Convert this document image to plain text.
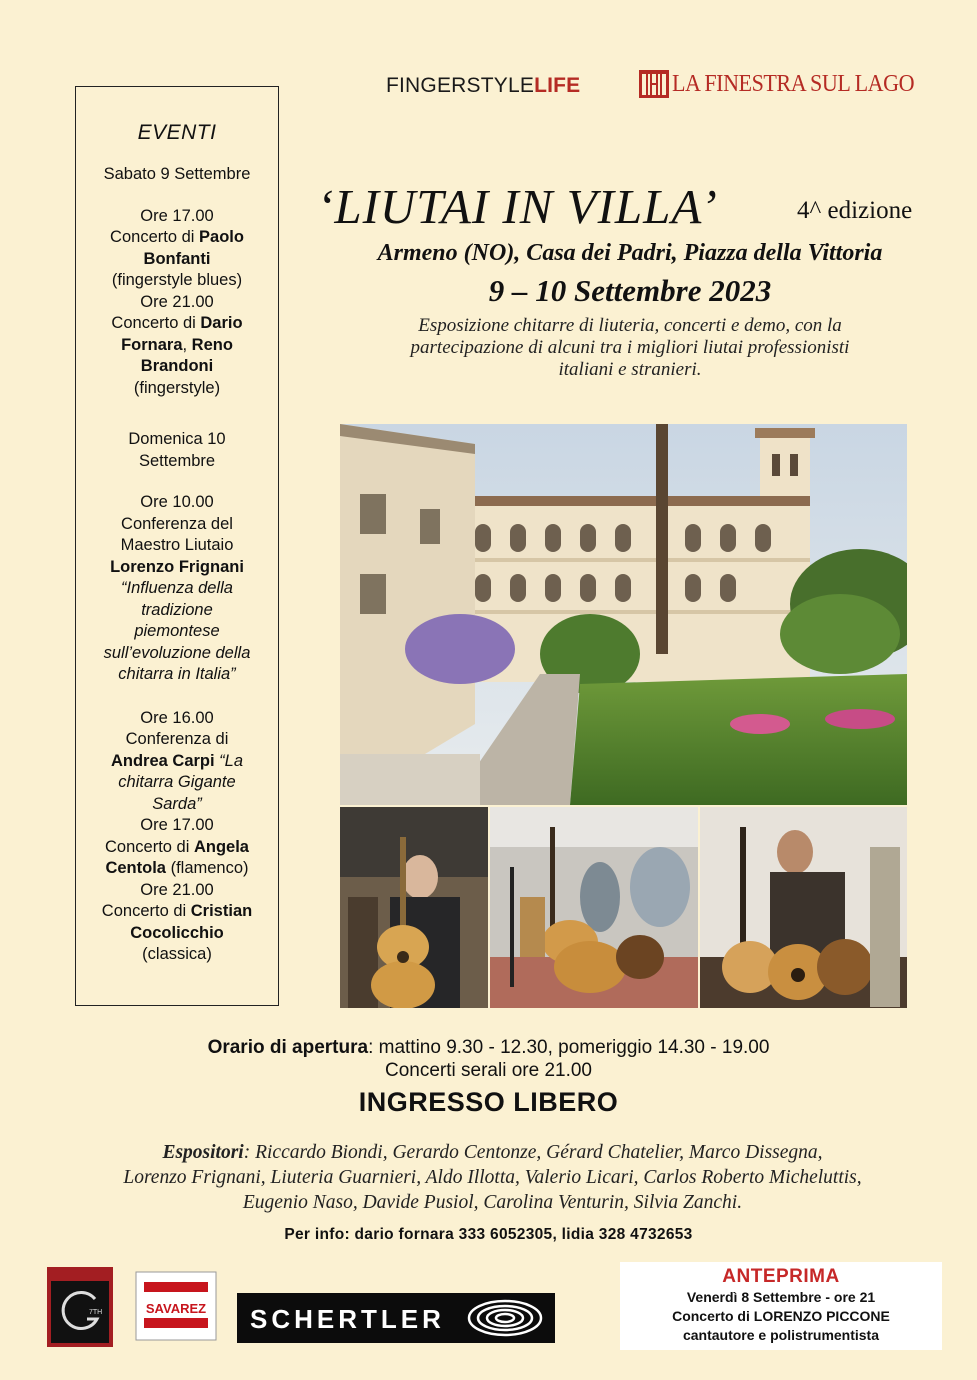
FINGERSTYLELIFE	LA FINESTRA SUL LAGO
EVENTI
Sabato 9 Settembre
Ore 17.00
Concerto di Paolo
Bonfanti
(fingerstyle blues)
Ore 21.00
Concerto di Dario
Fornara, Reno
Brandoni
(fingerstyle)
Domenica 10
Settembre
Ore 10.00
Conferenza del
Maestro Liutaio
Lorenzo Frignani
“Influenza della
tradizione
piemontese
sull’evoluzione della
chitarra in Italia”
Ore 16.00
Conferenza di
Andrea Carpi “La
chitarra Gigante
Sarda”
Ore 17.00
Concerto di Angela
Centola (flamenco)
Ore 21.00
Concerto di Cristian
Cocolicchio
(classica)
‘LIUTAI IN VILLA’	4^ edizione
Armeno (NO), Casa dei Padri, Piazza della Vittoria
9 – 10 Settembre 2023
Esposizione chitarre di liuteria, concerti e demo, con la
partecipazione di alcuni tra i migliori liutai professionisti
italiani e stranieri.
Orario di apertura: mattino 9.30 - 12.30, pomeriggio 14.30 - 19.00
Concerti serali ore 21.00
INGRESSO LIBERO
Espositori: Riccardo Biondi, Gerardo Centonze, Gérard Chatelier, Marco Dissegna,
Lorenzo Frignani, Liuteria Guarnieri, Aldo Illotta, Valerio Licari, Carlos Roberto Micheluttis,
Eugenio Naso, Davide Pusiol, Carolina Venturin, Silvia Zanchi.
Per info: dario fornara 333 6052305, lidia 328 4732653
7TH	SAVAREZ SCHERTLER
ANTEPRIMA
Venerdì 8 Settembre - ore 21
Concerto di LORENZO PICCONE
cantautore e polistrumentista
